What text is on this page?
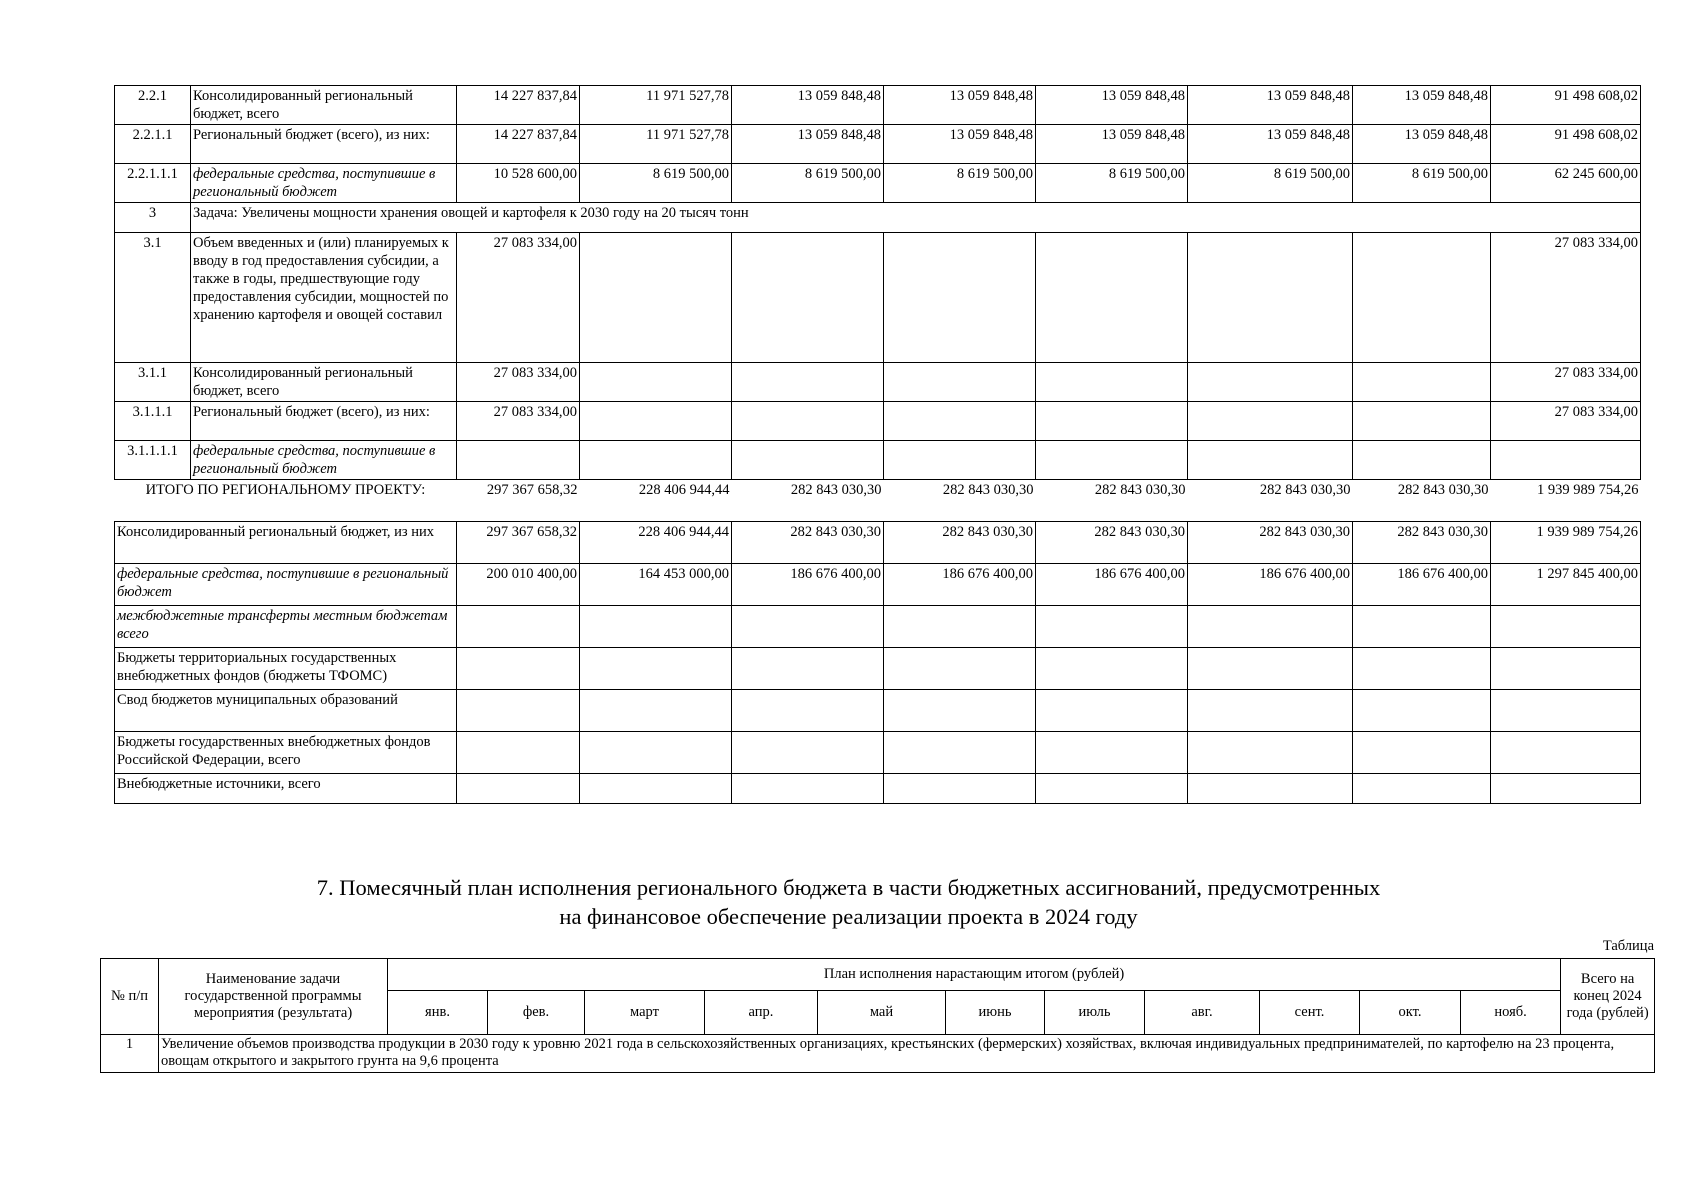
2.2.1	Консолидированный региональный бюджет, всего	14 227 837,84	11 971 527,78	13 059 848,48	13 059 848,48	13 059 848,48	13 059 848,48	13 059 848,48	91 498 608,02
2.2.1.1	Региональный бюджет (всего), из них:	14 227 837,84	11 971 527,78	13 059 848,48	13 059 848,48	13 059 848,48	13 059 848,48	13 059 848,48	91 498 608,02
2.2.1.1.1	федеральные средства, поступившие в региональный бюджет	10 528 600,00	8 619 500,00	8 619 500,00	8 619 500,00	8 619 500,00	8 619 500,00	8 619 500,00	62 245 600,00
3	Задача: Увеличены мощности хранения овощей и картофеля к 2030 году на 20 тысяч тонн								
3.1	Объем введенных и (или) планируемых к вводу в год предоставления субсидии, а также в годы, предшествующие году предоставления субсидии, мощностей по хранению картофеля и овощей составил	27 083 334,00							27 083 334,00
3.1.1	Консолидированный региональный бюджет, всего	27 083 334,00							27 083 334,00
3.1.1.1	Региональный бюджет (всего), из них:	27 083 334,00							27 083 334,00
3.1.1.1.1	федеральные средства, поступившие в региональный бюджет								
ИТОГО ПО РЕГИОНАЛЬНОМУ ПРОЕКТУ:		297 367 658,32	228 406 944,44	282 843 030,30	282 843 030,30	282 843 030,30	282 843 030,30	282 843 030,30	1 939 989 754,26
Консолидированный региональный бюджет, из них		297 367 658,32	228 406 944,44	282 843 030,30	282 843 030,30	282 843 030,30	282 843 030,30	282 843 030,30	1 939 989 754,26
федеральные средства, поступившие в региональный бюджет		200 010 400,00	164 453 000,00	186 676 400,00	186 676 400,00	186 676 400,00	186 676 400,00	186 676 400,00	1 297 845 400,00
межбюджетные трансферты местным бюджетам всего									
Бюджеты территориальных государственных внебюджетных фондов (бюджеты ТФОМС)									
Свод бюджетов муниципальных образований									
Бюджеты государственных внебюджетных фондов Российской Федерации, всего									
Внебюджетные источники, всего									
7. Помесячный план исполнения регионального бюджета в части бюджетных ассигнований, предусмотренных
на финансовое обеспечение реализации проекта в 2024 году
Таблица
№ п/п	Наименование задачи государственной программы мероприятия (результата)	План исполнения нарастающим итогом (рублей)											Всего на конец 2024 года (рублей)
		янв.	фев.	март	апр.	май	июнь	июль	авг.	сент.	окт.	нояб.	
1	Увеличение объемов производства продукции в 2030 году к уровню 2021 года в сельскохозяйственных организациях, крестьянских (фермерских) хозяйствах, включая индивидуальных предпринимателей, по картофелю на 23 процента, овощам открытого и закрытого грунта на 9,6 процента												
